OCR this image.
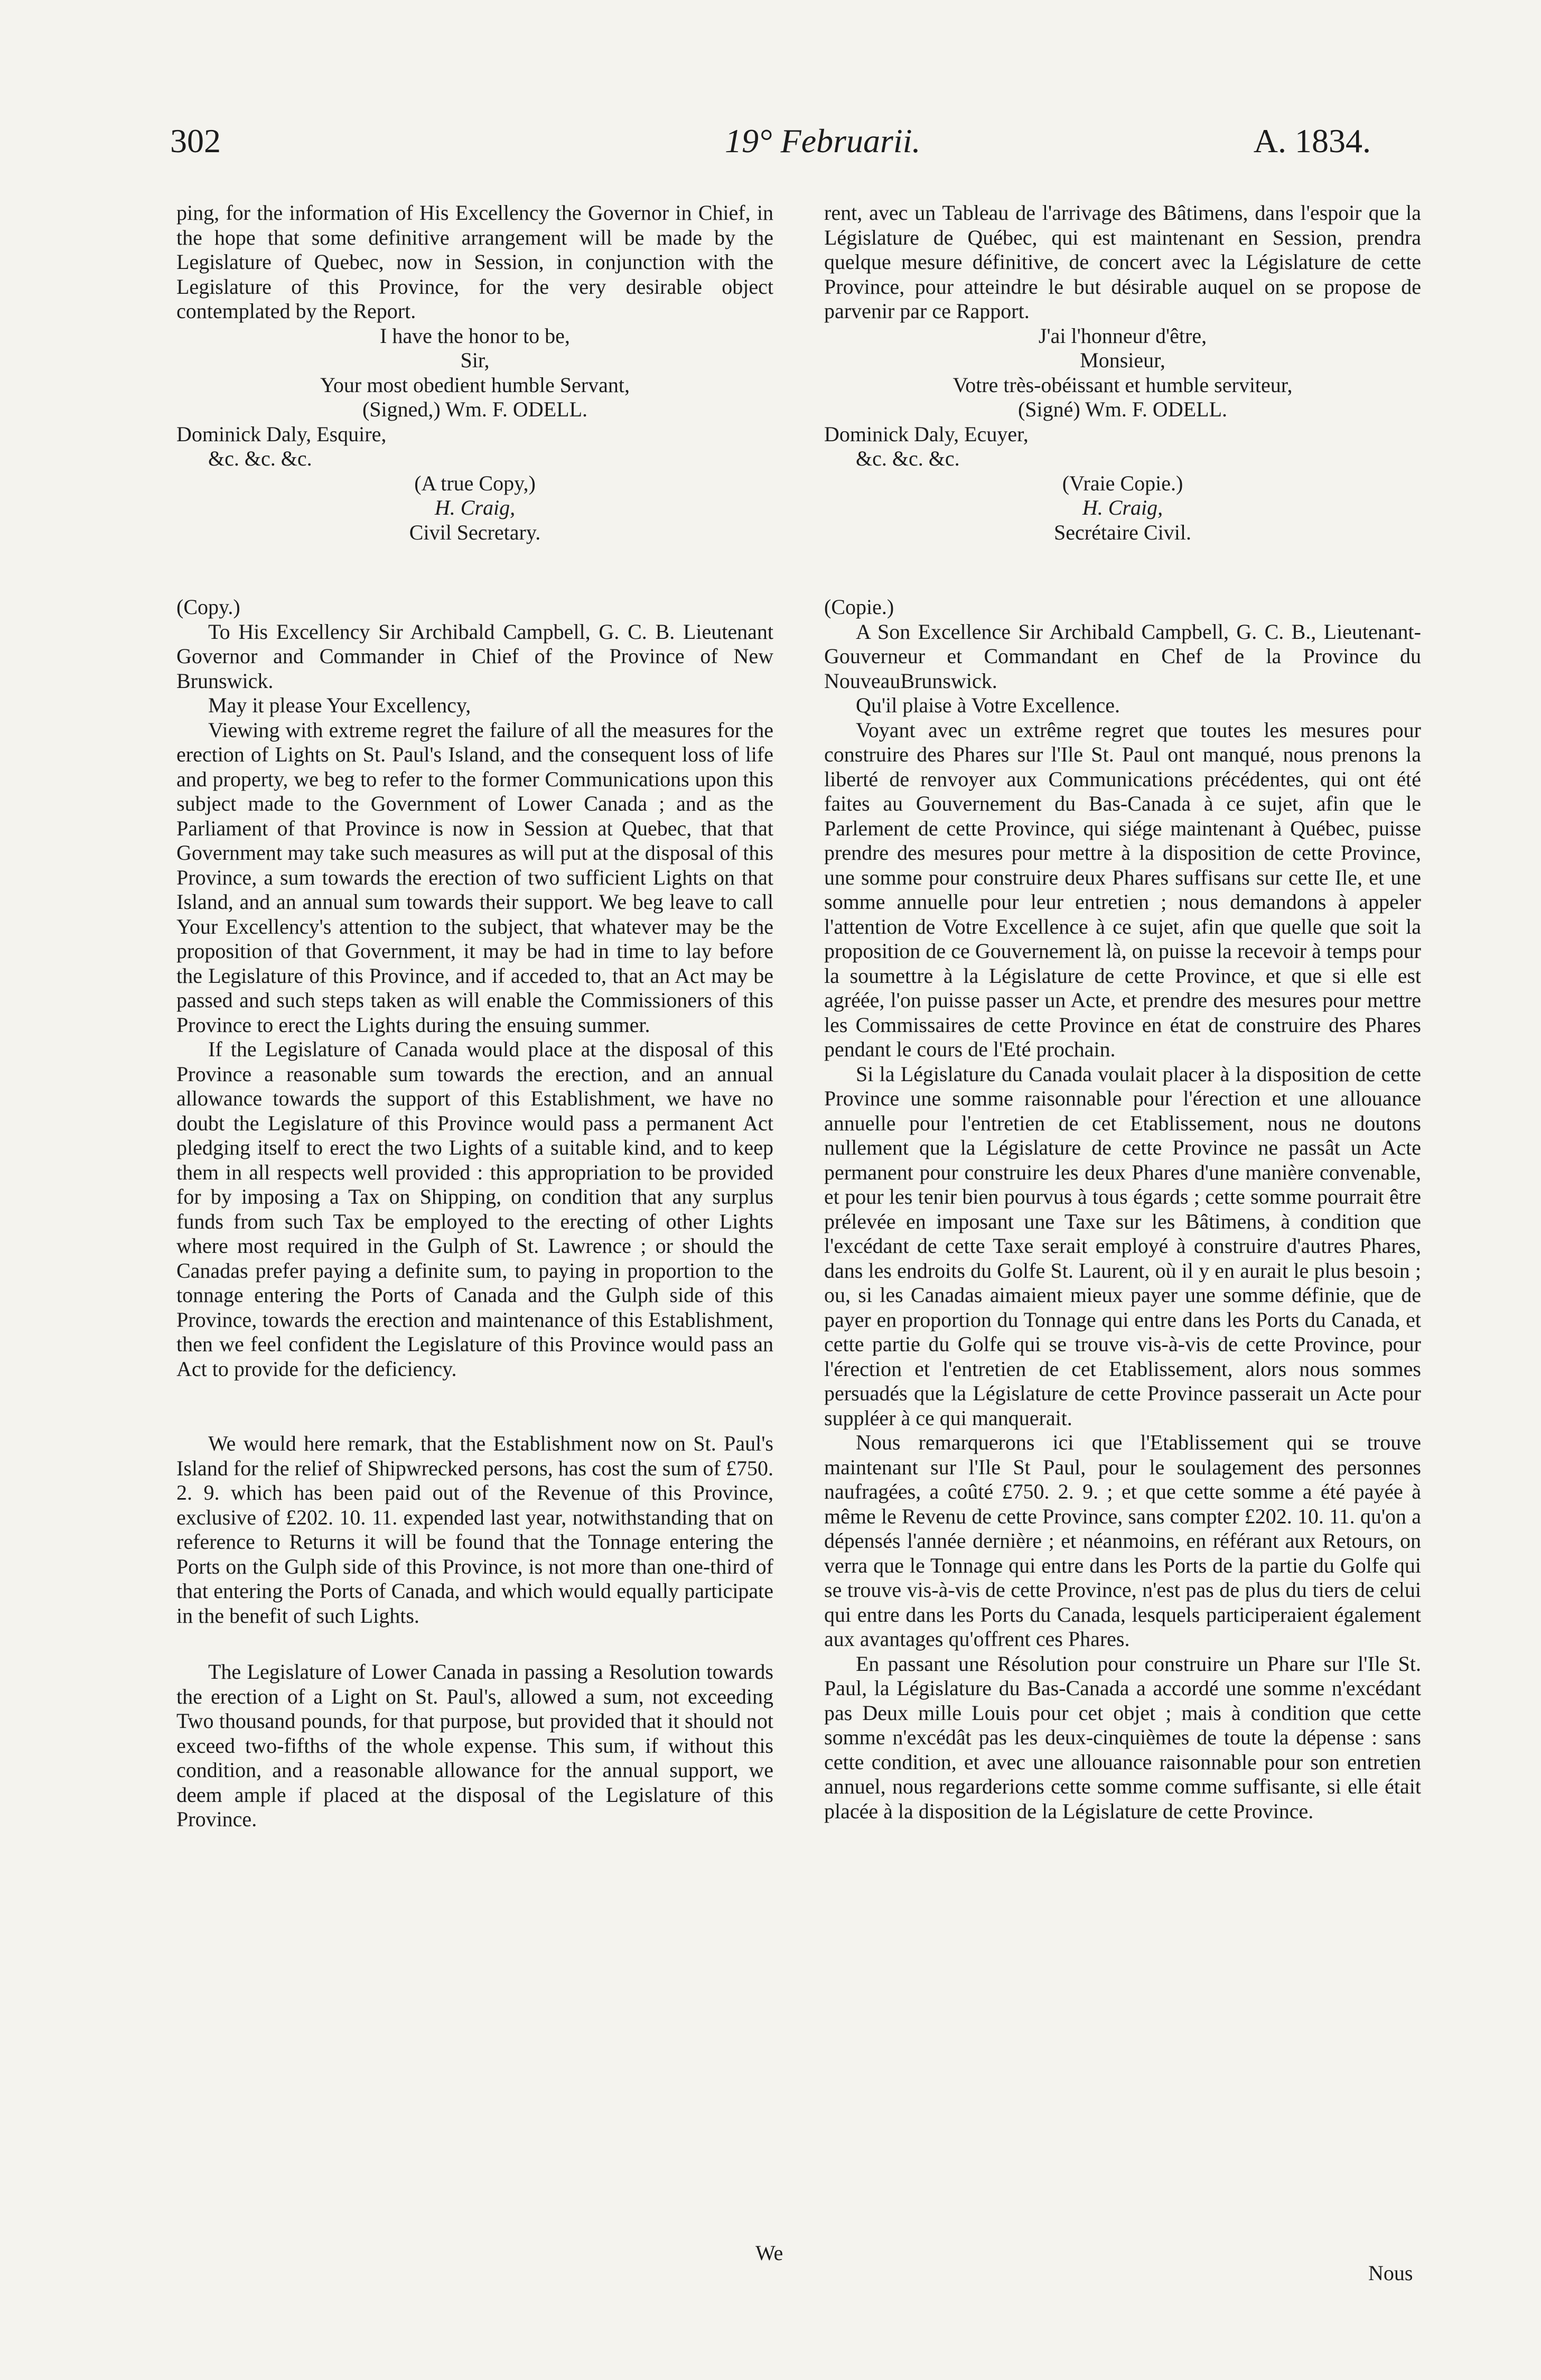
302	19° Februarii.	A. 1834.

ping, for the information of His Excellency the Governor in Chief, in the hope that some definitive arrangement will be made by the Legislature of Quebec, now in Session, in conjunction with the Legislature of this Province, for the very desirable object contemplated by the Report.

I have the honor to be,

Sir,

Your most obedient humble Servant,

(Signed,) Wm. F. ODELL.

Dominick Daly, Esquire,

&c. &c. &c.

(A true Copy,)

H. Craig,

Civil Secretary.

(Copy.)

To His Excellency Sir Archibald Campbell, G. C. B. Lieutenant Governor and Commander in Chief of the Province of New Brunswick.

May it please Your Excellency,

Viewing with extreme regret the failure of all the measures for the erection of Lights on St. Paul's Island, and the consequent loss of life and property, we beg to refer to the former Communications upon this subject made to the Government of Lower Canada ; and as the Parliament of that Province is now in Session at Quebec, that that Government may take such measures as will put at the disposal of this Province, a sum towards the erection of two sufficient Lights on that Island, and an annual sum towards their support. We beg leave to call Your Excellency's attention to the subject, that whatever may be the proposition of that Government, it may be had in time to lay before the Legislature of this Province, and if acceded to, that an Act may be passed and such steps taken as will enable the Commissioners of this Province to erect the Lights during the ensuing summer.

If the Legislature of Canada would place at the disposal of this Province a reasonable sum towards the erection, and an annual allowance towards the support of this Establishment, we have no doubt the Legislature of this Province would pass a permanent Act pledging itself to erect the two Lights of a suitable kind, and to keep them in all respects well provided : this appropriation to be provided for by imposing a Tax on Shipping, on condition that any surplus funds from such Tax be employed to the erecting of other Lights where most required in the Gulph of St. Lawrence ; or should the Canadas prefer paying a definite sum, to paying in proportion to the tonnage entering the Ports of Canada and the Gulph side of this Province, towards the erection and maintenance of this Establishment, then we feel confident the Legislature of this Province would pass an Act to provide for the deficiency.

We would here remark, that the Establishment now on St. Paul's Island for the relief of Shipwrecked persons, has cost the sum of £750. 2. 9. which has been paid out of the Revenue of this Province, exclusive of £202. 10. 11. expended last year, notwithstanding that on reference to Returns it will be found that the Tonnage entering the Ports on the Gulph side of this Province, is not more than one-third of that entering the Ports of Canada, and which would equally participate in the benefit of such Lights.

The Legislature of Lower Canada in passing a Resolution towards the erection of a Light on St. Paul's, allowed a sum, not exceeding Two thousand pounds, for that purpose, but provided that it should not exceed two-fifths of the whole expense. This sum, if without this condition, and a reasonable allowance for the annual support, we deem ample if placed at the disposal of the Legislature of this Province.

We

rent, avec un Tableau de l'arrivage des Bâtimens, dans l'espoir que la Législature de Québec, qui est maintenant en Session, prendra quelque mesure définitive, de concert avec la Législature de cette Province, pour atteindre le but désirable auquel on se propose de parvenir par ce Rapport.

J'ai l'honneur d'être,

Monsieur,

Votre très-obéissant et humble serviteur,

(Signé) Wm. F. ODELL.

Dominick Daly, Ecuyer,

&c. &c. &c.

(Vraie Copie.)

H. Craig,

Secrétaire Civil.

(Copie.)

A Son Excellence Sir Archibald Campbell, G. C. B., Lieutenant-Gouverneur et Commandant en Chef de la Province du NouveauBrunswick.

Qu'il plaise à Votre Excellence.

Voyant avec un extrême regret que toutes les mesures pour construire des Phares sur l'Ile St. Paul ont manqué, nous prenons la liberté de renvoyer aux Communications précédentes, qui ont été faites au Gouvernement du Bas-Canada à ce sujet, afin que le Parlement de cette Province, qui siége maintenant à Québec, puisse prendre des mesures pour mettre à la disposition de cette Province, une somme pour construire deux Phares suffisans sur cette Ile, et une somme annuelle pour leur entretien ; nous demandons à appeler l'attention de Votre Excellence à ce sujet, afin que quelle que soit la proposition de ce Gouvernement là, on puisse la recevoir à temps pour la soumettre à la Législature de cette Province, et que si elle est agréée, l'on puisse passer un Acte, et prendre des mesures pour mettre les Commissaires de cette Province en état de construire des Phares pendant le cours de l'Eté prochain.

Si la Législature du Canada voulait placer à la disposition de cette Province une somme raisonnable pour l'érection et une allouance annuelle pour l'entretien de cet Etablissement, nous ne doutons nullement que la Législature de cette Province ne passât un Acte permanent pour construire les deux Phares d'une manière convenable, et pour les tenir bien pourvus à tous égards ; cette somme pourrait être prélevée en imposant une Taxe sur les Bâtimens, à condition que l'excédant de cette Taxe serait employé à construire d'autres Phares, dans les endroits du Golfe St. Laurent, où il y en aurait le plus besoin ; ou, si les Canadas aimaient mieux payer une somme définie, que de payer en proportion du Tonnage qui entre dans les Ports du Canada, et cette partie du Golfe qui se trouve vis-à-vis de cette Province, pour l'érection et l'entretien de cet Etablissement, alors nous sommes persuadés que la Législature de cette Province passerait un Acte pour suppléer à ce qui manquerait.

Nous remarquerons ici que l'Etablissement qui se trouve maintenant sur l'Ile St Paul, pour le soulagement des personnes naufragées, a coûté £750. 2. 9. ; et que cette somme a été payée à même le Revenu de cette Province, sans compter £202. 10. 11. qu'on a dépensés l'année dernière ; et néanmoins, en référant aux Retours, on verra que le Tonnage qui entre dans les Ports de la partie du Golfe qui se trouve vis-à-vis de cette Province, n'est pas de plus du tiers de celui qui entre dans les Ports du Canada, lesquels participeraient également aux avantages qu'offrent ces Phares.

En passant une Résolution pour construire un Phare sur l'Ile St. Paul, la Législature du Bas-Canada a accordé une somme n'excédant pas Deux mille Louis pour cet objet ; mais à condition que cette somme n'excédât pas les deux-cinquièmes de toute la dépense : sans cette condition, et avec une allouance raisonnable pour son entretien annuel, nous regarderions cette somme comme suffisante, si elle était placée à la disposition de la Législature de cette Province.

Nous
